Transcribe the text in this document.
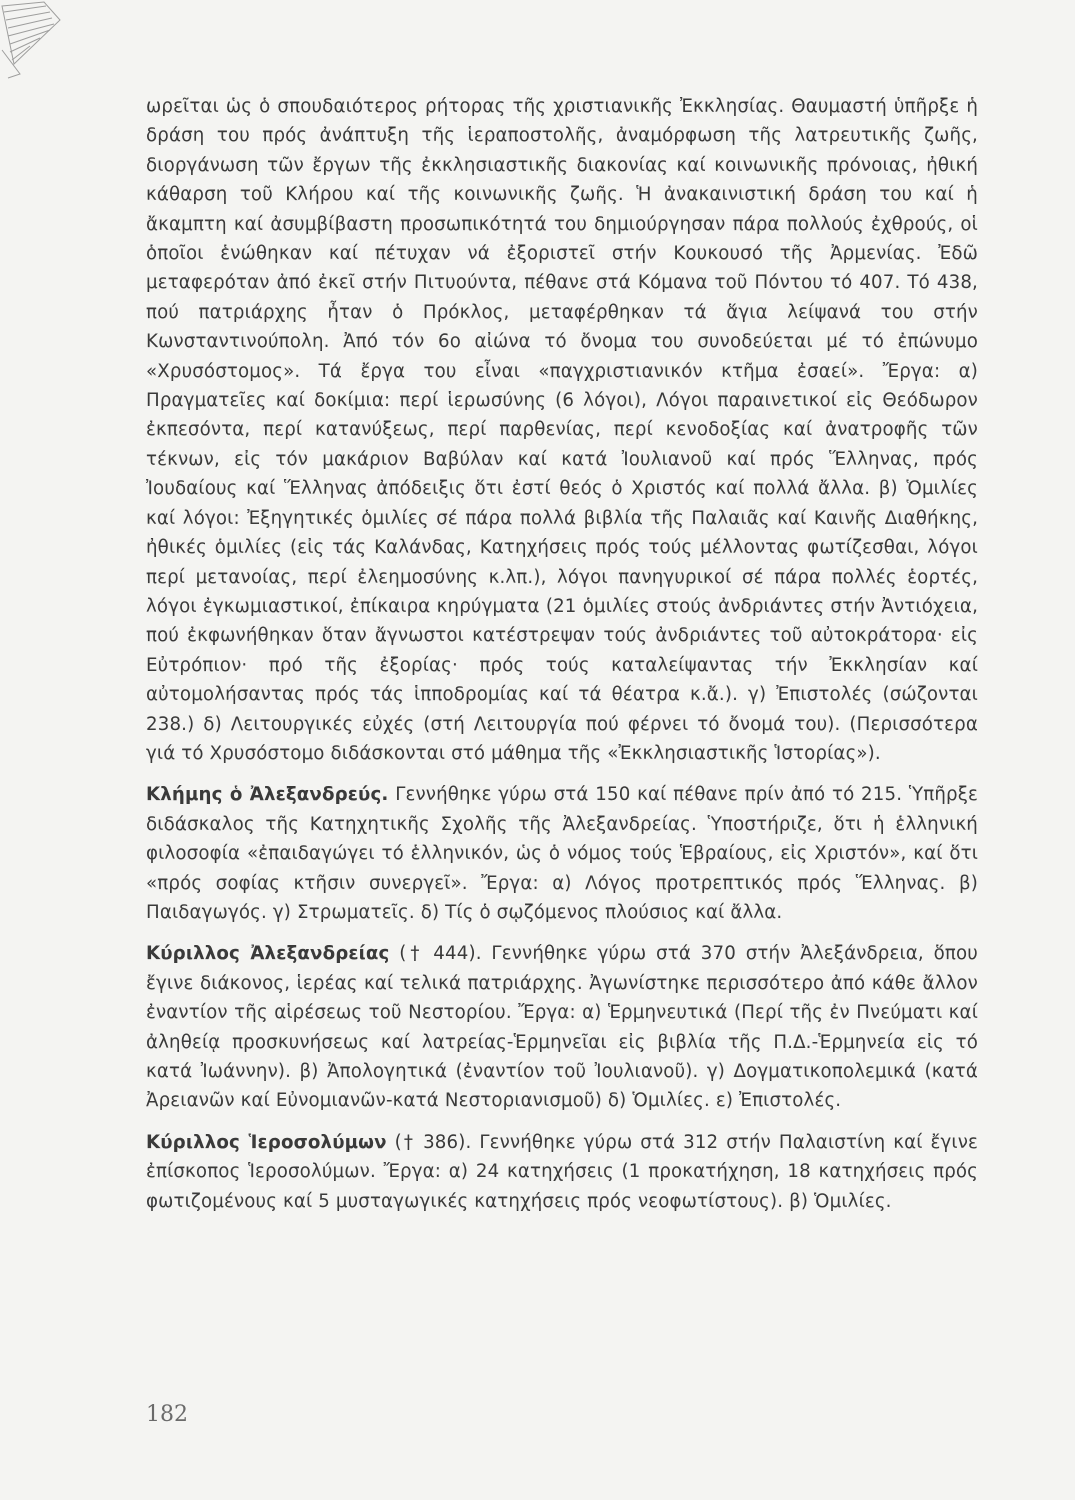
ωρεῖται ὡς ὁ σπουδαιότερος ρήτορας τῆς χριστιανικῆς Ἐκκλησίας. Θαυμαστή ὑπῆρξε ἡ δράση του πρός ἀνάπτυξη τῆς ἱεραποστολῆς, ἀναμόρφωση τῆς λατρευτικῆς ζωῆς, διοργάνωση τῶν ἔργων τῆς ἐκκλησιαστικῆς διακονίας καί κοινωνικῆς πρόνοιας, ἠθική κάθαρση τοῦ Κλήρου καί τῆς κοινωνικῆς ζωῆς. Ἡ ἀνακαινιστική δράση του καί ἡ ἄκαμπτη καί ἀσυμβίβαστη προσωπικότητά του δημιούργησαν πάρα πολλούς ἐχθρούς, οἱ ὁποῖοι ἑνώθηκαν καί πέτυχαν νά ἐξοριστεῖ στήν Κουκουσό τῆς Ἀρμενίας. Ἐδῶ μεταφερόταν ἀπό ἐκεῖ στήν Πιτυούντα, πέθανε στά Κόμανα τοῦ Πόντου τό 407. Τό 438, πού πατριάρχης ἦταν ὁ Πρόκλος, μεταφέρθηκαν τά ἅγια λείψανά του στήν Κωνσταντινούπολη. Ἀπό τόν 6ο αἰώνα τό ὄνομα του συνοδεύεται μέ τό ἐπώνυμο «Χρυσόστομος». Τά ἔργα του εἶναι «παγχριστιανικόν κτῆμα ἐσαεί». Ἔργα: α) Πραγματεῖες καί δοκίμια: περί ἱερωσύνης (6 λόγοι), Λόγοι παραινετικοί εἰς Θεόδωρον ἐκπεσόντα, περί κατανύξεως, περί παρθενίας, περί κενοδοξίας καί ἀνατροφῆς τῶν τέκνων, εἰς τόν μακάριον Βαβύλαν καί κατά Ἰουλιανοῦ καί πρός Ἕλληνας, πρός Ἰουδαίους καί Ἕλληνας ἀπόδειξις ὅτι ἐστί θεός ὁ Χριστός καί πολλά ἄλλα. β) Ὁμιλίες καί λόγοι: Ἐξηγητικές ὁμιλίες σέ πάρα πολλά βιβλία τῆς Παλαιᾶς καί Καινῆς Διαθήκης, ἠθικές ὁμιλίες (εἰς τάς Καλάνδας, Κατηχήσεις πρός τούς μέλλοντας φωτίζεσθαι, λόγοι περί μετανοίας, περί ἐλεημοσύνης κ.λπ.), λόγοι πανηγυρικοί σέ πάρα πολλές ἑορτές, λόγοι ἐγκωμιαστικοί, ἐπίκαιρα κηρύγματα (21 ὁμιλίες στούς ἀνδριάντες στήν Ἀντιόχεια, πού ἐκφωνήθηκαν ὅταν ἄγνωστοι κατέστρεψαν τούς ἀνδριάντες τοῦ αὐτοκράτορα· εἰς Εὐτρόπιον· πρό τῆς ἐξορίας· πρός τούς καταλείψαντας τήν Ἐκκλησίαν καί αὐτομολήσαντας πρός τάς ἱπποδρομίας καί τά θέατρα κ.ἄ.). γ) Ἐπιστολές (σώζονται 238.) δ) Λειτουργικές εὐχές (στή Λειτουργία πού φέρνει τό ὄνομά του). (Περισσότερα γιά τό Χρυσόστομο διδάσκονται στό μάθημα τῆς «Ἐκκλησιαστικῆς Ἱστορίας»).

Κλήμης ὁ Ἀλεξανδρεύς. Γεννήθηκε γύρω στά 150 καί πέθανε πρίν ἀπό τό 215. Ὑπῆρξε διδάσκαλος τῆς Κατηχητικῆς Σχολῆς τῆς Ἀλεξανδρείας. Ὑποστήριζε, ὅτι ἡ ἑλληνική φιλοσοφία «ἐπαιδαγώγει τό ἑλληνικόν, ὡς ὁ νόμος τούς Ἑβραίους, εἰς Χριστόν», καί ὅτι «πρός σοφίας κτῆσιν συνεργεῖ». Ἔργα: α) Λόγος προτρεπτικός πρός Ἕλληνας. β) Παιδαγωγός. γ) Στρωματεῖς. δ) Τίς ὁ σῳζόμενος πλούσιος καί ἄλλα.

Κύριλλος Ἀλεξανδρείας († 444). Γεννήθηκε γύρω στά 370 στήν Ἀλεξάνδρεια, ὅπου ἔγινε διάκονος, ἱερέας καί τελικά πατριάρχης. Ἀγωνίστηκε περισσότερο ἀπό κάθε ἄλλον ἐναντίον τῆς αἱρέσεως τοῦ Νεστορίου. Ἔργα: α) Ἑρμηνευτικά (Περί τῆς ἐν Πνεύματι καί ἀληθείᾳ προσκυνήσεως καί λατρείας-Ἑρμηνεῖαι εἰς βιβλία τῆς Π.Δ.-Ἑρμηνεία εἰς τό κατά Ἰωάννην). β) Ἀπολογητικά (ἐναντίον τοῦ Ἰουλιανοῦ). γ) Δογματικοπολεμικά (κατά Ἀρειανῶν καί Εὐνομιανῶν-κατά Νεστοριανισμοῦ) δ) Ὁμιλίες. ε) Ἐπιστολές.

Κύριλλος Ἱεροσολύμων († 386). Γεννήθηκε γύρω στά 312 στήν Παλαιστίνη καί ἔγινε ἐπίσκοπος Ἱεροσολύμων. Ἔργα: α) 24 κατηχήσεις (1 προκατήχηση, 18 κατηχήσεις πρός φωτιζομένους καί 5 μυσταγωγικές κατηχήσεις πρός νεοφωτίστους). β) Ὁμιλίες.

182
